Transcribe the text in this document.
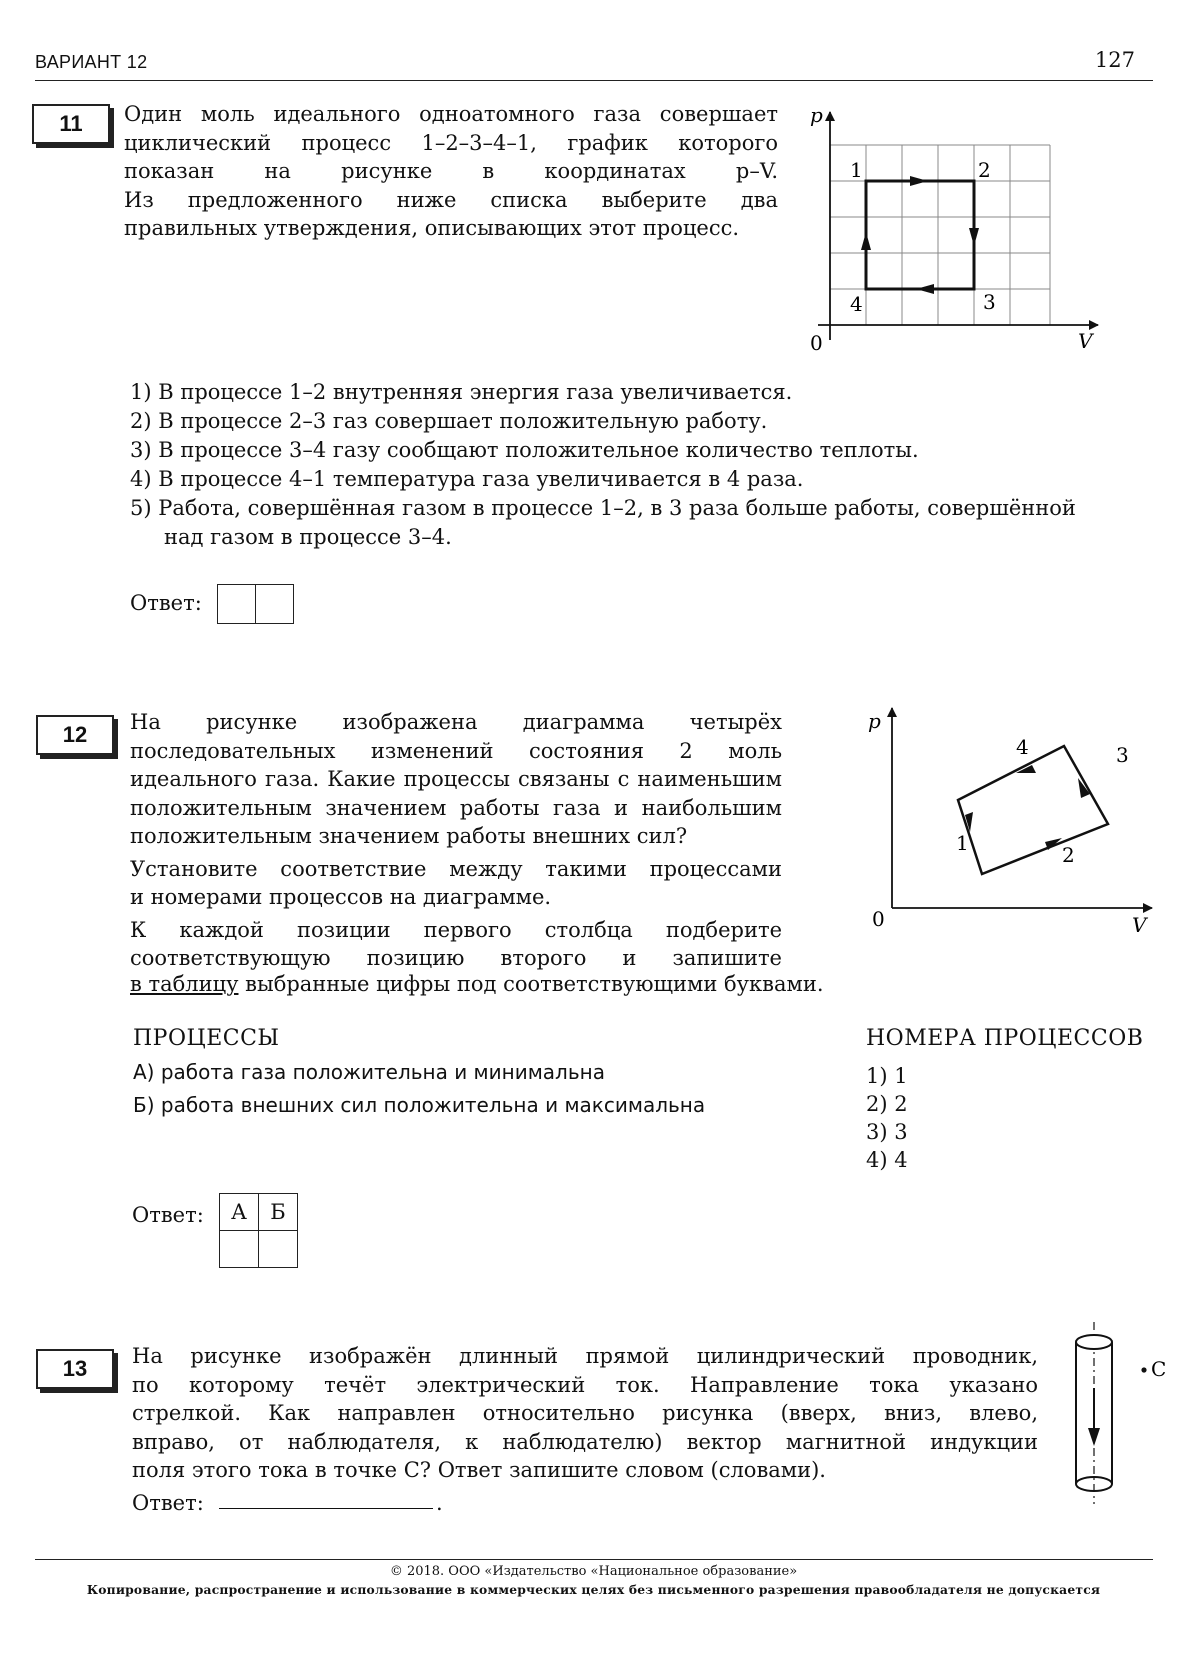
ВАРИАНТ 12	127
11	Один моль идеального одноатомного газа совершает
циклический процесс 1–2–3–4–1, график которого
показан на рисунке в координатах p–V.
Из предложенного ниже списка выберите два
правильных утверждения, описывающих этот процесс.
p
V
0
1	2
3
4
1) В процессе 1–2 внутренняя энергия газа увеличивается.
2) В процессе 2–3 газ совершает положительную работу.
3) В процессе 3–4 газу сообщают положительное количество теплоты.
4) В процессе 4–1 температура газа увеличивается в 4 раза.
5) Работа, совершённая газом в процессе 1–2, в 3 раза больше работы, совершённой
над газом в процессе 3–4.
Ответ:
12	На рисунке изображена диаграмма четырёх
последовательных изменений состояния 2 моль
идеального газа. Какие процессы связаны с наименьшим
положительным значением работы газа и наибольшим
положительным значением работы внешних сил?
Установите соответствие между такими процессами
и номерами процессов на диаграмме.
К каждой позиции первого столбца подберите
соответствующую позицию второго и запишите
в таблицу выбранные цифры под соответствующими буквами.
p
V
0
1	2
3
4
ПРОЦЕССЫ
А) работа газа положительна и минимальна
Б) работа внешних сил положительна и максимальна
НОМЕРА ПРОЦЕССОВ
1) 1
2) 2
3) 3
4) 4
Ответ: А	Б

13	На рисунке изображён длинный прямой цилиндрический проводник,
по которому течёт электрический ток. Направление тока указано
стрелкой. Как направлен относительно рисунка (вверх, вниз, влево,
вправо, от наблюдателя, к наблюдателю) вектор магнитной индукции
поля этого тока в точке С? Ответ запишите словом (словами).
С
Ответ:	.
© 2018. ООО «Издательство «Национальное образование»
Копирование, распространение и использование в коммерческих целях без письменного разрешения правообладателя не допускается
